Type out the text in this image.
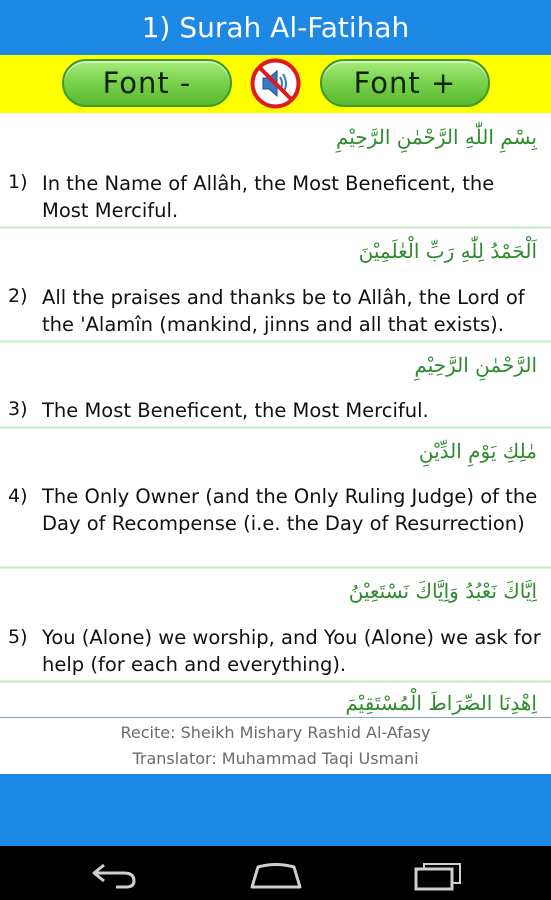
1) Surah Al-Fatihah
Font -	Font +
بِسْمِ اللّٰهِ الرَّحْمٰنِ الرَّحِيْمِ
1) In the Name of Allâh, the Most Beneficent, the Most Merciful.
اَلْحَمْدُ لِلّٰهِ رَبِّ الْعٰلَمِيْنَ
2) All the praises and thanks be to Allâh, the Lord of the 'Alamîn (mankind, jinns and all that exists).
الرَّحْمٰنِ الرَّحِيْمِ
3) The Most Beneficent, the Most Merciful.
مٰلِكِ يَوْمِ الدِّيْنِ
4) The Only Owner (and the Only Ruling Judge) of the Day of Recompense (i.e. the Day of Resurrection)
اِيَّاكَ نَعْبُدُ وَاِيَّاكَ نَسْتَعِيْنُ
5) You (Alone) we worship, and You (Alone) we ask for help (for each and everything).
اِهْدِنَا الصِّرَاطَ الْمُسْتَقِيْمَ
Recite: Sheikh Mishary Rashid Al-Afasy
Translator: Muhammad Taqi Usmani
